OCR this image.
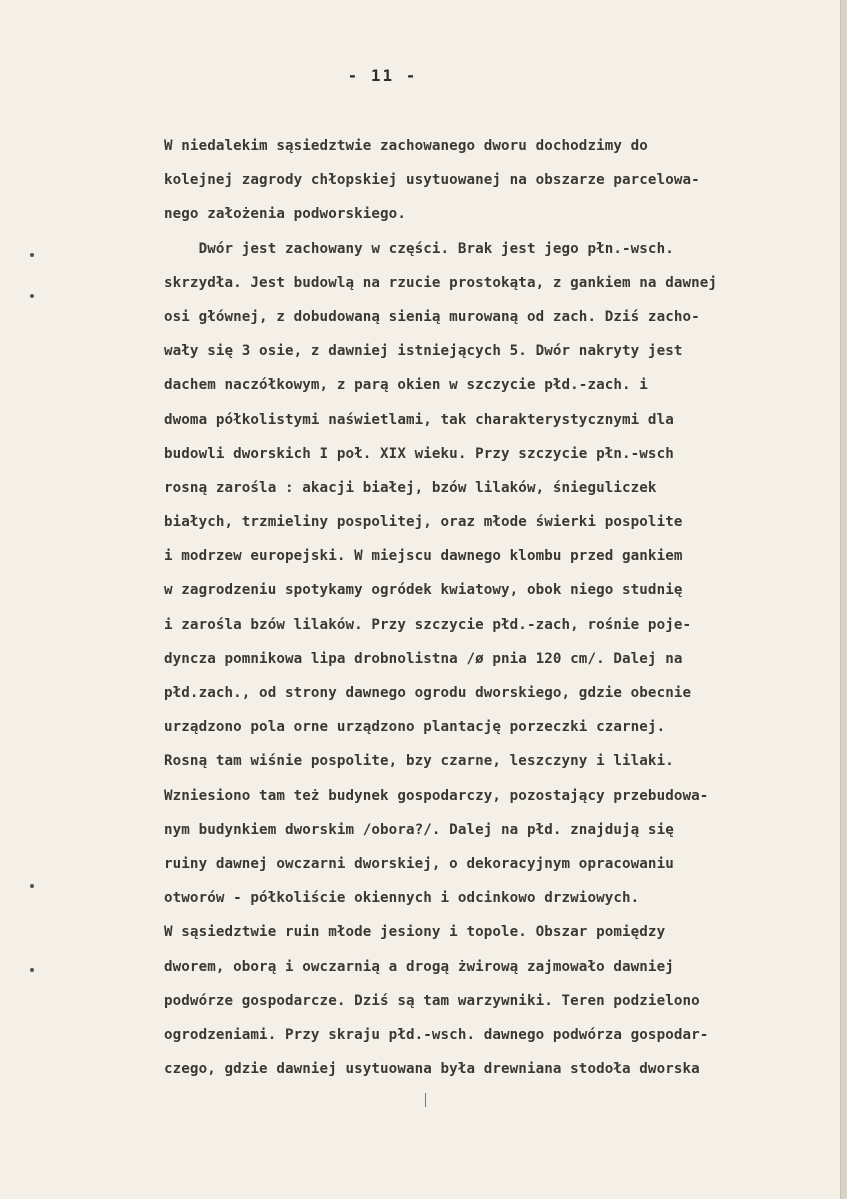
- 11 -
W niedalekim sąsiedztwie zachowanego dworu dochodzimy do
kolejnej zagrody chłopskiej usytuowanej na obszarze parcelowa-
nego założenia podworskiego.
Dwór jest zachowany w części. Brak jest jego płn.-wsch.
skrzydła. Jest budowlą na rzucie prostokąta, z gankiem na dawnej
osi głównej, z dobudowaną sienią murowaną od zach. Dziś zacho-
wały się 3 osie, z dawniej istniejących 5. Dwór nakryty jest
dachem naczółkowym, z parą okien w szczycie płd.-zach. i
dwoma półkolistymi naświetlami, tak charakterystycznymi dla
budowli dworskich I poł. XIX wieku. Przy szczycie płn.-wsch
rosną zarośla : akacji białej, bzów lilaków, śnieguliczek
białych, trzmieliny pospolitej, oraz młode świerki pospolite
i modrzew europejski. W miejscu dawnego klombu przed gankiem
w zagrodzeniu spotykamy ogródek kwiatowy, obok niego studnię
i zarośla bzów lilaków. Przy szczycie płd.-zach, rośnie poje-
dyncza pomnikowa lipa drobnolistna /ø pnia 120 cm/. Dalej na
płd.zach., od strony dawnego ogrodu dworskiego, gdzie obecnie
urządzono pola orne urządzono plantację porzeczki czarnej.
Rosną tam wiśnie pospolite, bzy czarne, leszczyny i lilaki.
Wzniesiono tam też budynek gospodarczy, pozostający przebudowa-
nym budynkiem dworskim /obora?/. Dalej na płd. znajdują się
ruiny dawnej owczarni dworskiej, o dekoracyjnym opracowaniu
otworów - półkoliście okiennych i odcinkowo drzwiowych.
W sąsiedztwie ruin młode jesiony i topole. Obszar pomiędzy
dworem, oborą i owczarnią a drogą żwirową zajmowało dawniej
podwórze gospodarcze. Dziś są tam warzywniki. Teren podzielono
ogrodzeniami. Przy skraju płd.-wsch. dawnego podwórza gospodar-
czego, gdzie dawniej usytuowana była drewniana stodoła dworska
